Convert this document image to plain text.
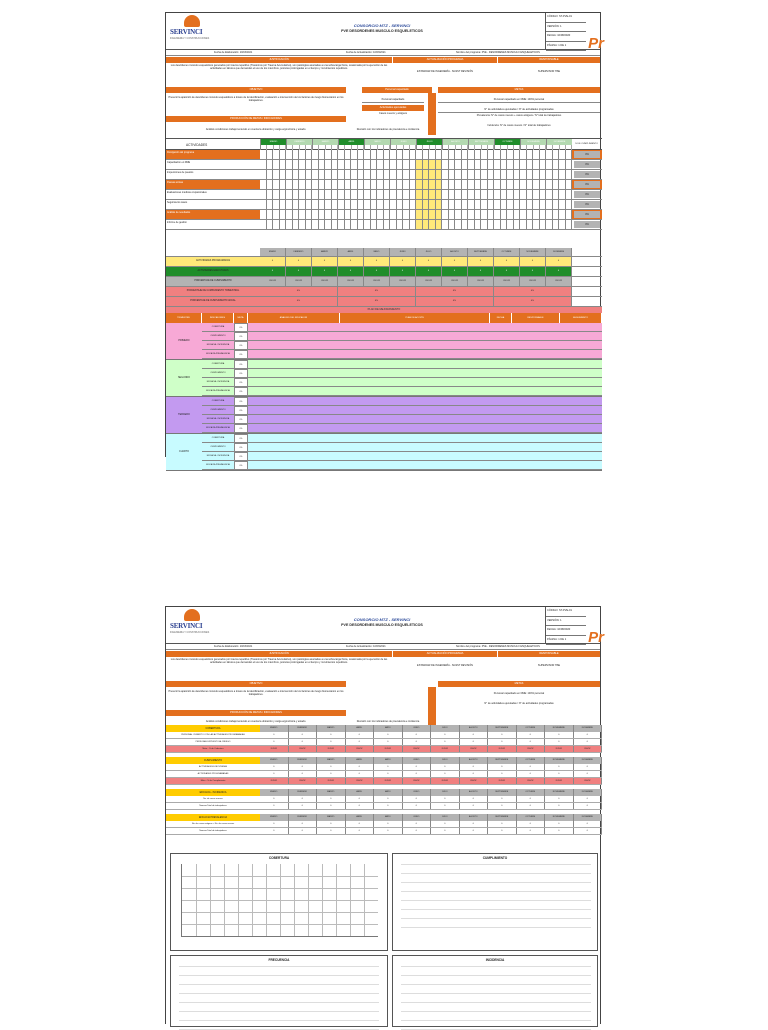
SERVINCI
INGENIERIA Y CONSTRUCCIONES
CONSORCIO MTZ - SERVINCI
PVE DESORDENES MUSCULO ESQUELETICOS
CÓDIGO: ST-PVE-01
VERSIÓN: 1
FECHA: 10/08/2020
PÁGINA: 1 DE 1	Pr
Fecha de Elaboración: 10/03/2021	Fecha de Actualización: 10/03/2021	Nombre del programa: PVE - DESORDENES MUSCULO ESQUELETICOS
JUSTIFICACIÓN	ACTUALIZACIÓN PROGRAMA	RESPONSABLE
Los desórdenes músculo esqueléticos generados por trauma repetitivo (Trastornos por Trauma Acumulativo), son patologías asociadas a una sobrecarga física, ocasionada por la ejecución de las actividades en labores que demandan el uso de los miembros, posturas prolongadas en el tiempo y movimientos repetitivos.
ESTANDAR DE INGENIERÍA - SGSST REVISIÓN	SUPERVISOR HSE
OBJETIVO	Personal capacitado	METAS
Prevenir la aparición de desórdenes músculo esqueléticos a través de la identificación, evaluación e intervención de los factores de riesgo biomecánico en los trabajadores.	Personal capacitado en DME: 100% personal
N° de actividades ejecutadas / N° de actividades programadas
Prevalencia: N° de casos nuevos + casos antiguos / N° total de trabajadores
Incidencia: N° de casos nuevos / N° total de trabajadores
Personal capacitado
Actividades ejecutadas
Casos nuevos y antiguos
PRODUCCIÓN DE METAS / INDICADORES
Análisis condiciones trabajo teniendo en cuenta la ubicación y carga ergonómica y estado.	Revisión con los indicadores de prevalencia e incidencia
ACTIVIDADES
ENERO	FEBRERO	MARZO	ABRIL	MAYO	JUNIO	JULIO	AGOSTO	SEPTIEMBRE	OCTUBRE	NOVIEMBRE	DICIEMBRE
% DE CUMPLIMIENTO
Divulgación del programa
0%
Capacitación en DME
0%
Inspecciones de puestos
0%
Pausas activas
0%
Evaluaciones médicas ocupacionales
0%
Seguimiento casos
0%
Análisis de resultados
0%
Informe de gestión
0%
ENERO	FEBRERO	MARZO	ABRIL	MAYO	JUNIO	JULIO	AGOSTO	SEPTIEMBRE	OCTUBRE	NOVIEMBRE	DICIEMBRE
ACTIVIDADES PROGRAMADAS	0	0	0	0	0	0	0	0	0	0	0	0
ACTIVIDADES EJECUTADAS	0	0	0	0	0	0	0	0	0	0	0	0
PORCENTAJE DE CUMPLIMIENTO	#DIV/0!	#DIV/0!	#DIV/0!	#DIV/0!	#DIV/0!	#DIV/0!	#DIV/0!	#DIV/0!	#DIV/0!	#DIV/0!	#DIV/0!	#DIV/0!
PORCENTAJE DE CUMPLIMIENTO TRIMESTRAL	0%	0%	0%	0%
PORCENTAJE DE CUMPLIMIENTO ANUAL	0%	0%	0%	0%
PLAN DE MEJORAMIENTO
TRIMESTRE	INDICADORES	META	ANÁLISIS DEL INDICADOR	PLAN DE ACCIÓN	FECHA	RESPONSABLE	SEGUIMIENTO
PRIMERO
COBERTURA	0%
CUMPLIMIENTO	0%
EFICACIA - INCIDENCIA	0%
EFICACIA PREVALENCIA	0%
SEGUNDO
COBERTURA	0%
CUMPLIMIENTO	0%
EFICACIA - INCIDENCIA	0%
EFICACIA PREVALENCIA	0%
TERCERO
COBERTURA	0%
CUMPLIMIENTO	0%
EFICACIA - INCIDENCIA	0%
EFICACIA PREVALENCIA	0%
CUARTO
COBERTURA	0%
CUMPLIMIENTO	0%
EFICACIA - INCIDENCIA	0%
EFICACIA PREVALENCIA	0%
SERVINCI
INGENIERIA Y CONSTRUCCIONES
CONSORCIO MTZ - SERVINCI
PVE DESORDENES MUSCULO ESQUELETICOS
CÓDIGO: ST-PVE-01
VERSIÓN: 1
FECHA: 10/08/2020
PÁGINA: 1 DE 1	Pr
Fecha de Elaboración: 10/03/2021	Fecha de Actualización: 10/03/2021	Nombre del programa: PVE - DESORDENES MUSCULO ESQUELETICOS
JUSTIFICACIÓN	ACTUALIZACIÓN PROGRAMA	RESPONSABLE
Los desórdenes músculo esqueléticos generados por trauma repetitivo (Trastornos por Trauma Acumulativo), son patologías asociadas a una sobrecarga física, ocasionada por la ejecución de las actividades en labores que demandan el uso de los miembros, posturas prolongadas en el tiempo y movimientos repetitivos.
ESTANDAR DE INGENIERÍA - SGSST REVISIÓN	SUPERVISOR HSE
OBJETIVO	METAS
Prevenir la aparición de desórdenes músculo esqueléticos a través de la identificación, evaluación e intervención de los factores de riesgo biomecánico en los trabajadores.	Personal capacitado en DME: 100% personal
N° de actividades ejecutadas / N° de actividades programadas
PRODUCCIÓN DE METAS / INDICADORES
Análisis condiciones trabajo teniendo en cuenta la ubicación y carga ergonómica y estado.	Revisión con los indicadores de prevalencia e incidencia
COBERTURA	ENERO	FEBRERO	MARZO	ABRIL	MAYO	JUNIO	JULIO	AGOSTO	SEPTIEMBRE	OCTUBRE	NOVIEMBRE	DICIEMBRE
PERSONAL CUBIERTO CON LAS ACTIVIDADES PROGRAMADAS	0	0	0	0	0	0	0	0	0	0	0	0
PERSONAL EXPUESTO AL RIESGO	0	0	0	0	0	0	0	0	0	0	0	0
Meta - % de Cobertura	#DIV/0!	#DIV/0!	#DIV/0!	#DIV/0!	#DIV/0!	#DIV/0!	#DIV/0!	#DIV/0!	#DIV/0!	#DIV/0!	#DIV/0!	#DIV/0!
CUMPLIMIENTO	ENERO	FEBRERO	MARZO	ABRIL	MAYO	JUNIO	JULIO	AGOSTO	SEPTIEMBRE	OCTUBRE	NOVIEMBRE	DICIEMBRE
ACTIVIDADES EJECUTADAS	0	0	0	0	0	0	0	0	0	0	0	0
ACTIVIDADES PROGRAMADAS	0	0	0	0	0	0	0	0	0	0	0	0
Meta - % de Cumplimiento	#DIV/0!	#DIV/0!	#DIV/0!	#DIV/0!	#DIV/0!	#DIV/0!	#DIV/0!	#DIV/0!	#DIV/0!	#DIV/0!	#DIV/0!	#DIV/0!
EFICACIA - INCIDENCIA	ENERO	FEBRERO	MARZO	ABRIL	MAYO	JUNIO	JULIO	AGOSTO	SEPTIEMBRE	OCTUBRE	NOVIEMBRE	DICIEMBRE
No. de casos nuevos	0	0	0	0	0	0	0	0	0	0	0	0
Numero Total de trabajadores	0	0	0	0	0	0	0	0	0	0	0	0
EFICACIA PREVALENCIA	ENERO	FEBRERO	MARZO	ABRIL	MAYO	JUNIO	JULIO	AGOSTO	SEPTIEMBRE	OCTUBRE	NOVIEMBRE	DICIEMBRE
No. de casos antiguos + No. de casos nuevos	0	0	0	0	0	0	0	0	0	0	0	0
Numero Total de trabajadores	0	0	0	0	0	0	0	0	0	0	0	0
COBERTURA	CUMPLIMIENTO
FRECUENCIA	INCIDENCIA
